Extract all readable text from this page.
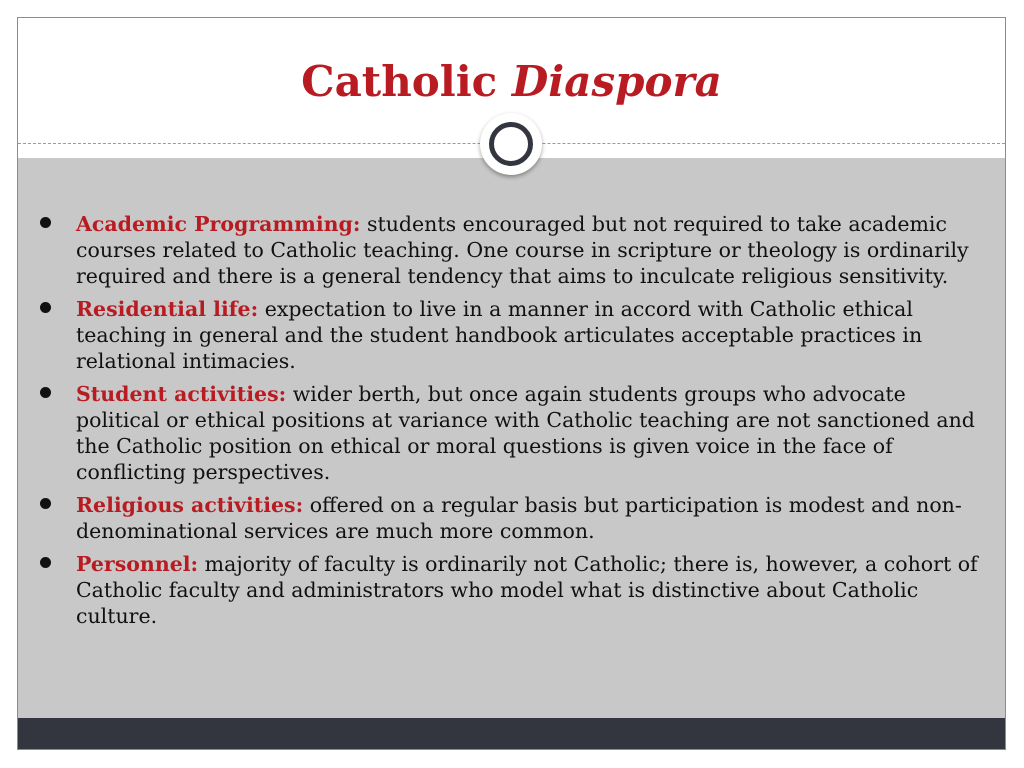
Catholic Diaspora
Academic Programming: students encouraged but not required to take academic courses related to Catholic teaching. One course in scripture or theology is ordinarily required and there is a general tendency that aims to inculcate religious sensitivity.
Residential life: expectation to live in a manner in accord with Catholic ethical teaching in general and the student handbook articulates acceptable practices in relational intimacies.
Student activities: wider berth, but once again students groups who advocate political or ethical positions at variance with Catholic teaching are not sanctioned and the Catholic position on ethical or moral questions is given voice in the face of conflicting perspectives.
Religious activities: offered on a regular basis but participation is modest and non-denominational services are much more common.
Personnel: majority of faculty is ordinarily not Catholic; there is, however, a cohort of Catholic faculty and administrators who model what is distinctive about Catholic culture.
